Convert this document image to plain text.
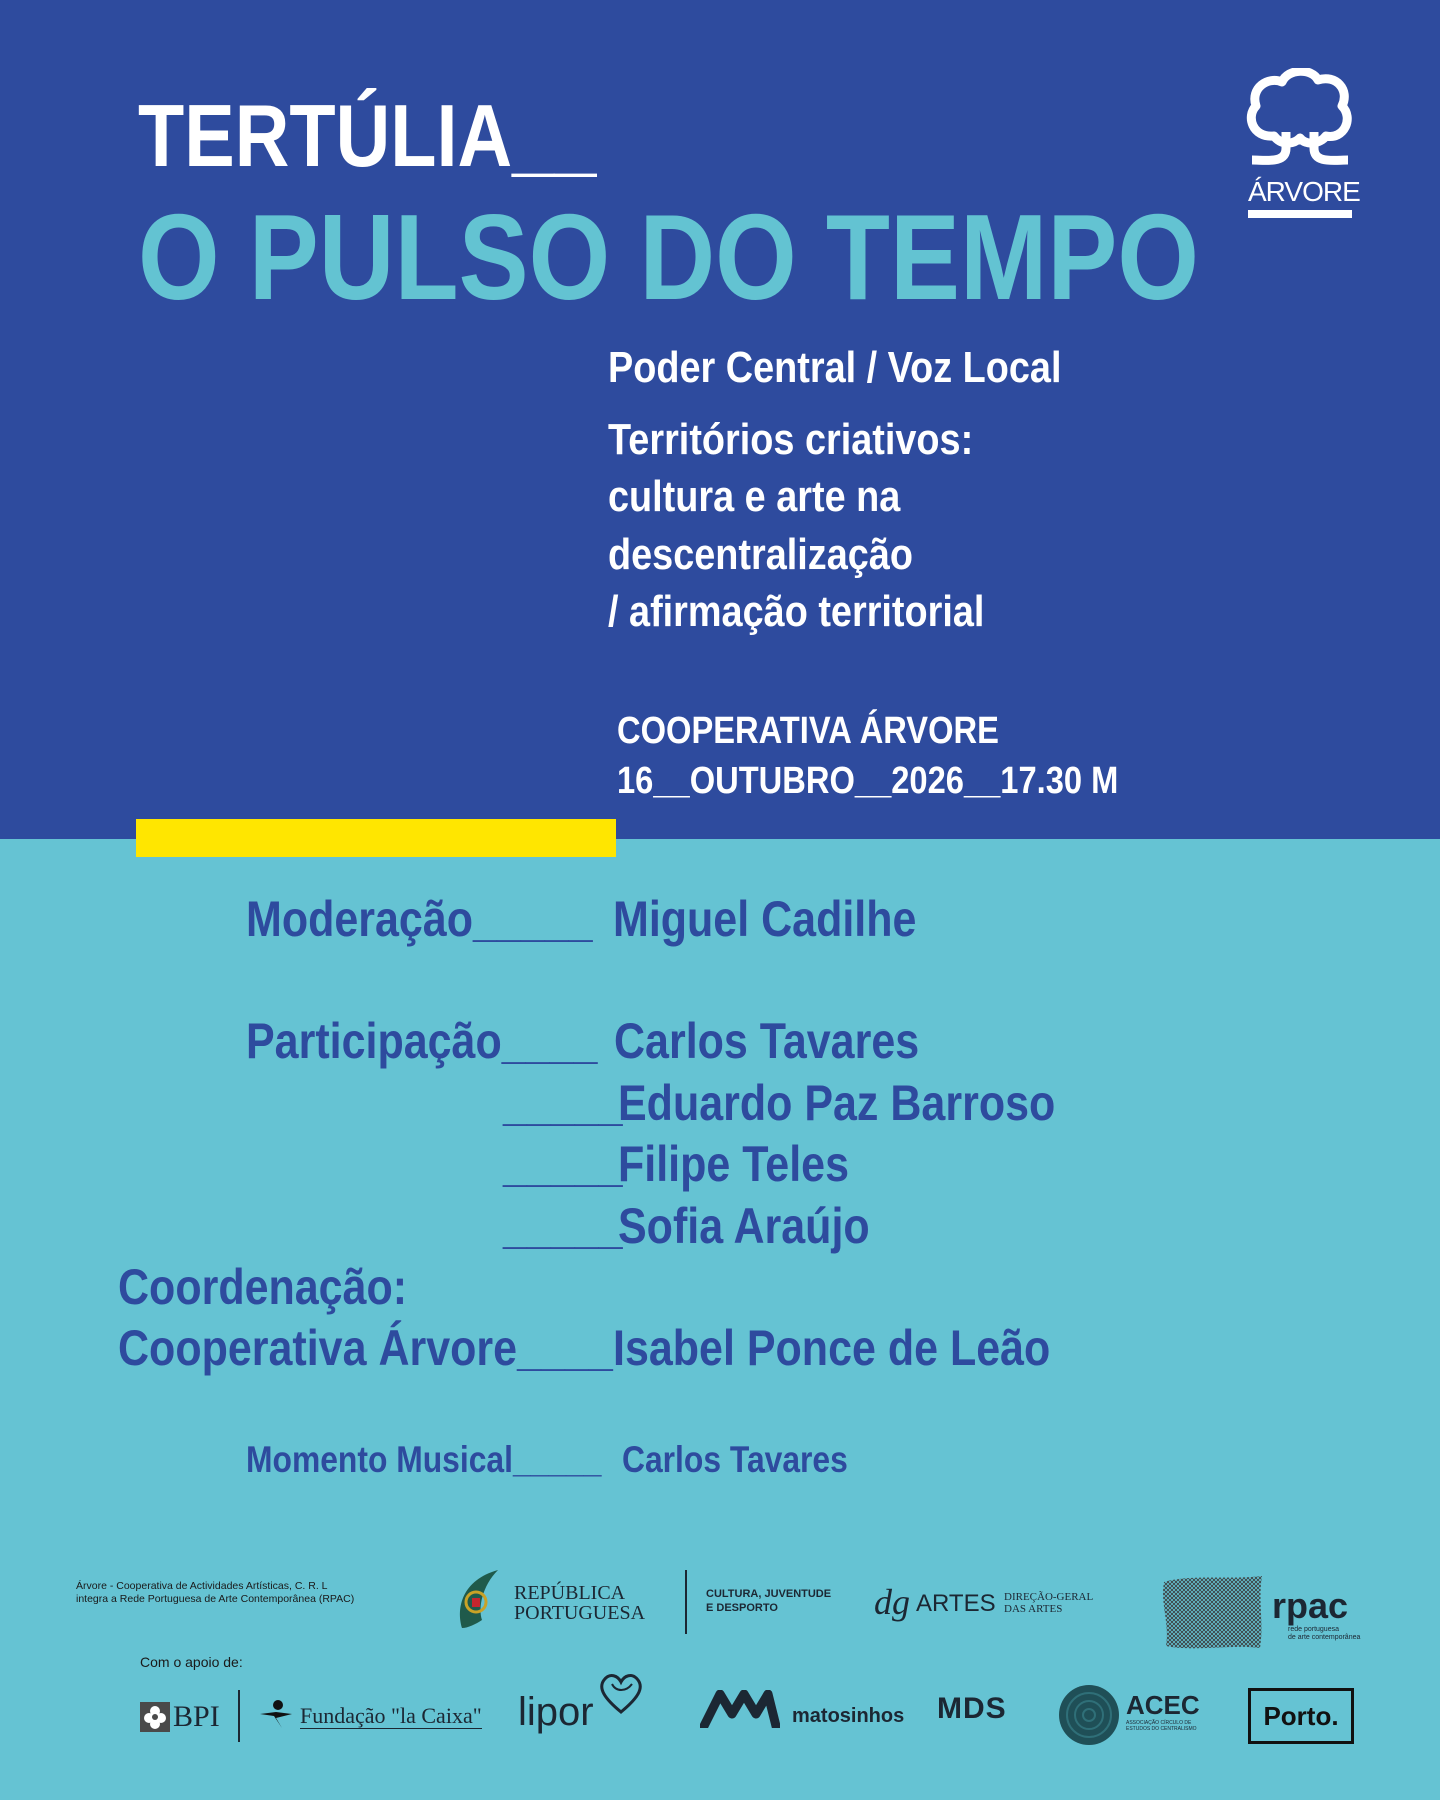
TERTÚLIA__
O PULSO DO TEMPO	ÁRVORE
Poder Central / Voz Local
Territórios criativos:
cultura e arte na
descentralização
/ afirmação territorial
COOPERATIVA ÁRVORE
16__OUTUBRO__2026__17.30 M
Moderação_____ Miguel Cadilhe
Participação____ Carlos Tavares
_____
Eduardo Paz Barroso
_____
Filipe Teles
_____
Sofia Araújo
Coordenação:
Cooperativa Árvore____ Isabel Ponce de Leão
Momento Musical_____ Carlos Tavares
Árvore - Cooperativa de Actividades Artísticas, C. R. L
integra a Rede Portuguesa de Arte Contemporânea (RPAC)	REPÚBLICA
PORTUGUESA
CULTURA, JUVENTUDE
E DESPORTO	dg ARTES DIREÇÃO-GERAL
DAS ARTES	rpac
rede portuguesa
de arte contemporânea
Com o apoio de:
BPI	Fundação "la Caixa" lipor	matosinhos MDS	ACEC
ASSOCIAÇÃO CÍRCULO DE
ESTUDOS DO CENTRALISMO	Porto.
